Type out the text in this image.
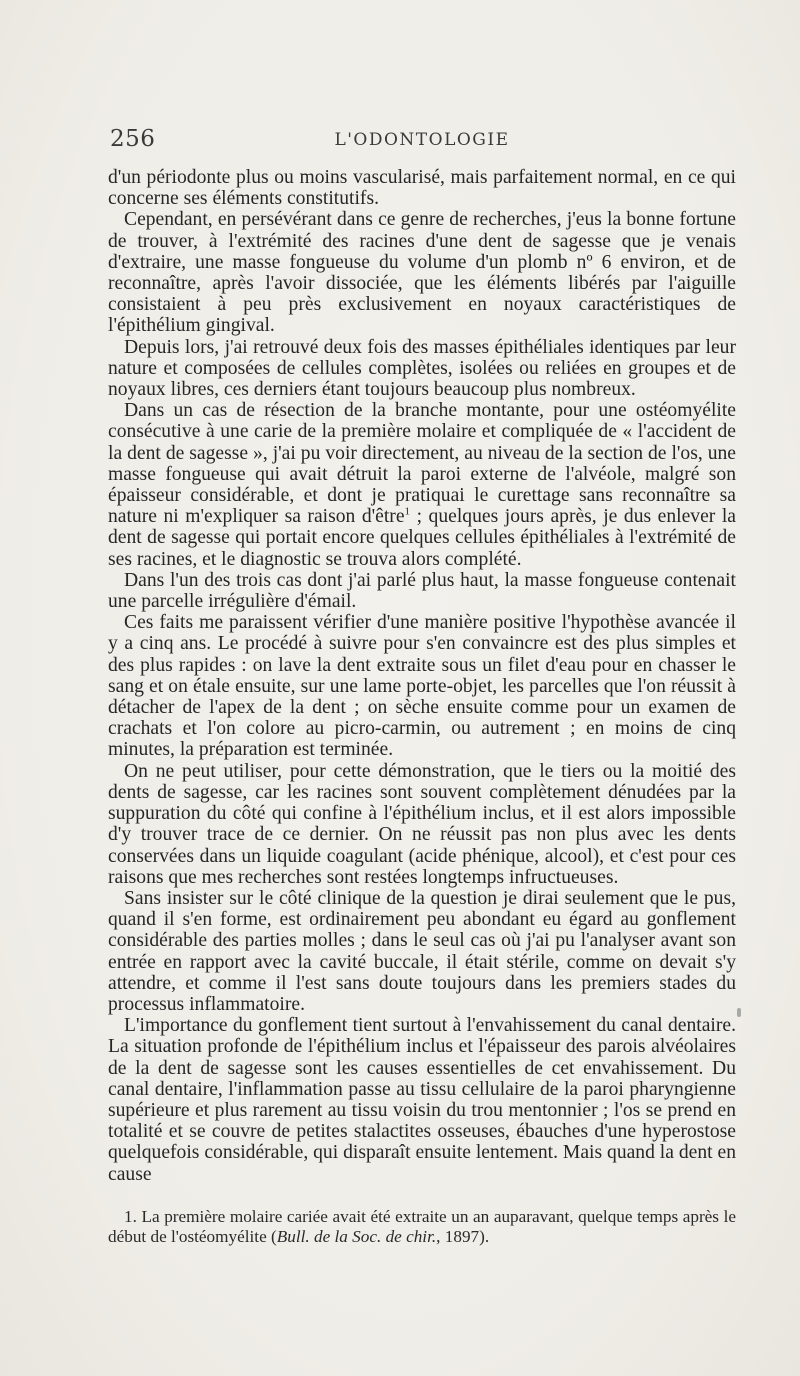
256	L'ODONTOLOGIE

d'un périodonte plus ou moins vascularisé, mais parfaitement normal, en ce qui concerne ses éléments constitutifs.

Cependant, en persévérant dans ce genre de recherches, j'eus la bonne fortune de trouver, à l'extrémité des racines d'une dent de sagesse que je venais d'extraire, une masse fongueuse du volume d'un plomb nº 6 environ, et de reconnaître, après l'avoir dissociée, que les éléments libérés par l'aiguille consistaient à peu près exclusivement en noyaux caractéristiques de l'épithélium gingival.

Depuis lors, j'ai retrouvé deux fois des masses épithéliales identiques par leur nature et composées de cellules complètes, isolées ou reliées en groupes et de noyaux libres, ces derniers étant toujours beaucoup plus nombreux.

Dans un cas de résection de la branche montante, pour une ostéomyélite consécutive à une carie de la première molaire et compliquée de « l'accident de la dent de sagesse », j'ai pu voir directement, au niveau de la section de l'os, une masse fongueuse qui avait détruit la paroi externe de l'alvéole, malgré son épaisseur considérable, et dont je pratiquai le curettage sans reconnaître sa nature ni m'expliquer sa raison d'être$^1$ ; quelques jours après, je dus enlever la dent de sagesse qui portait encore quelques cellules épithéliales à l'extrémité de ses racines, et le diagnostic se trouva alors complété.

Dans l'un des trois cas dont j'ai parlé plus haut, la masse fongueuse contenait une parcelle irrégulière d'émail.

Ces faits me paraissent vérifier d'une manière positive l'hypothèse avancée il y a cinq ans. Le procédé à suivre pour s'en convaincre est des plus simples et des plus rapides : on lave la dent extraite sous un filet d'eau pour en chasser le sang et on étale ensuite, sur une lame porte-objet, les parcelles que l'on réussit à détacher de l'apex de la dent ; on sèche ensuite comme pour un examen de crachats et l'on colore au picro-carmin, ou autrement ; en moins de cinq minutes, la préparation est terminée.

On ne peut utiliser, pour cette démonstration, que le tiers ou la moitié des dents de sagesse, car les racines sont souvent complètement dénudées par la suppuration du côté qui confine à l'épithélium inclus, et il est alors impossible d'y trouver trace de ce dernier. On ne réussit pas non plus avec les dents conservées dans un liquide coagulant (acide phénique, alcool), et c'est pour ces raisons que mes recherches sont restées longtemps infructueuses.

Sans insister sur le côté clinique de la question je dirai seulement que le pus, quand il s'en forme, est ordinairement peu abondant eu égard au gonflement considérable des parties molles ; dans le seul cas où j'ai pu l'analyser avant son entrée en rapport avec la cavité buccale, il était stérile, comme on devait s'y attendre, et comme il l'est sans doute toujours dans les premiers stades du processus inflammatoire.

L'importance du gonflement tient surtout à l'envahissement du canal dentaire. La situation profonde de l'épithélium inclus et l'épaisseur des parois alvéolaires de la dent de sagesse sont les causes essentielles de cet envahissement. Du canal dentaire, l'inflammation passe au tissu cellulaire de la paroi pharyngienne supérieure et plus rarement au tissu voisin du trou mentonnier ; l'os se prend en totalité et se couvre de petites stalactites osseuses, ébauches d'une hyperostose quelquefois considérable, qui disparaît ensuite lentement. Mais quand la dent en cause

1. La première molaire cariée avait été extraite un an auparavant, quelque temps après le début de l'ostéomyélite (Bull. de la Soc. de chir., 1897).
